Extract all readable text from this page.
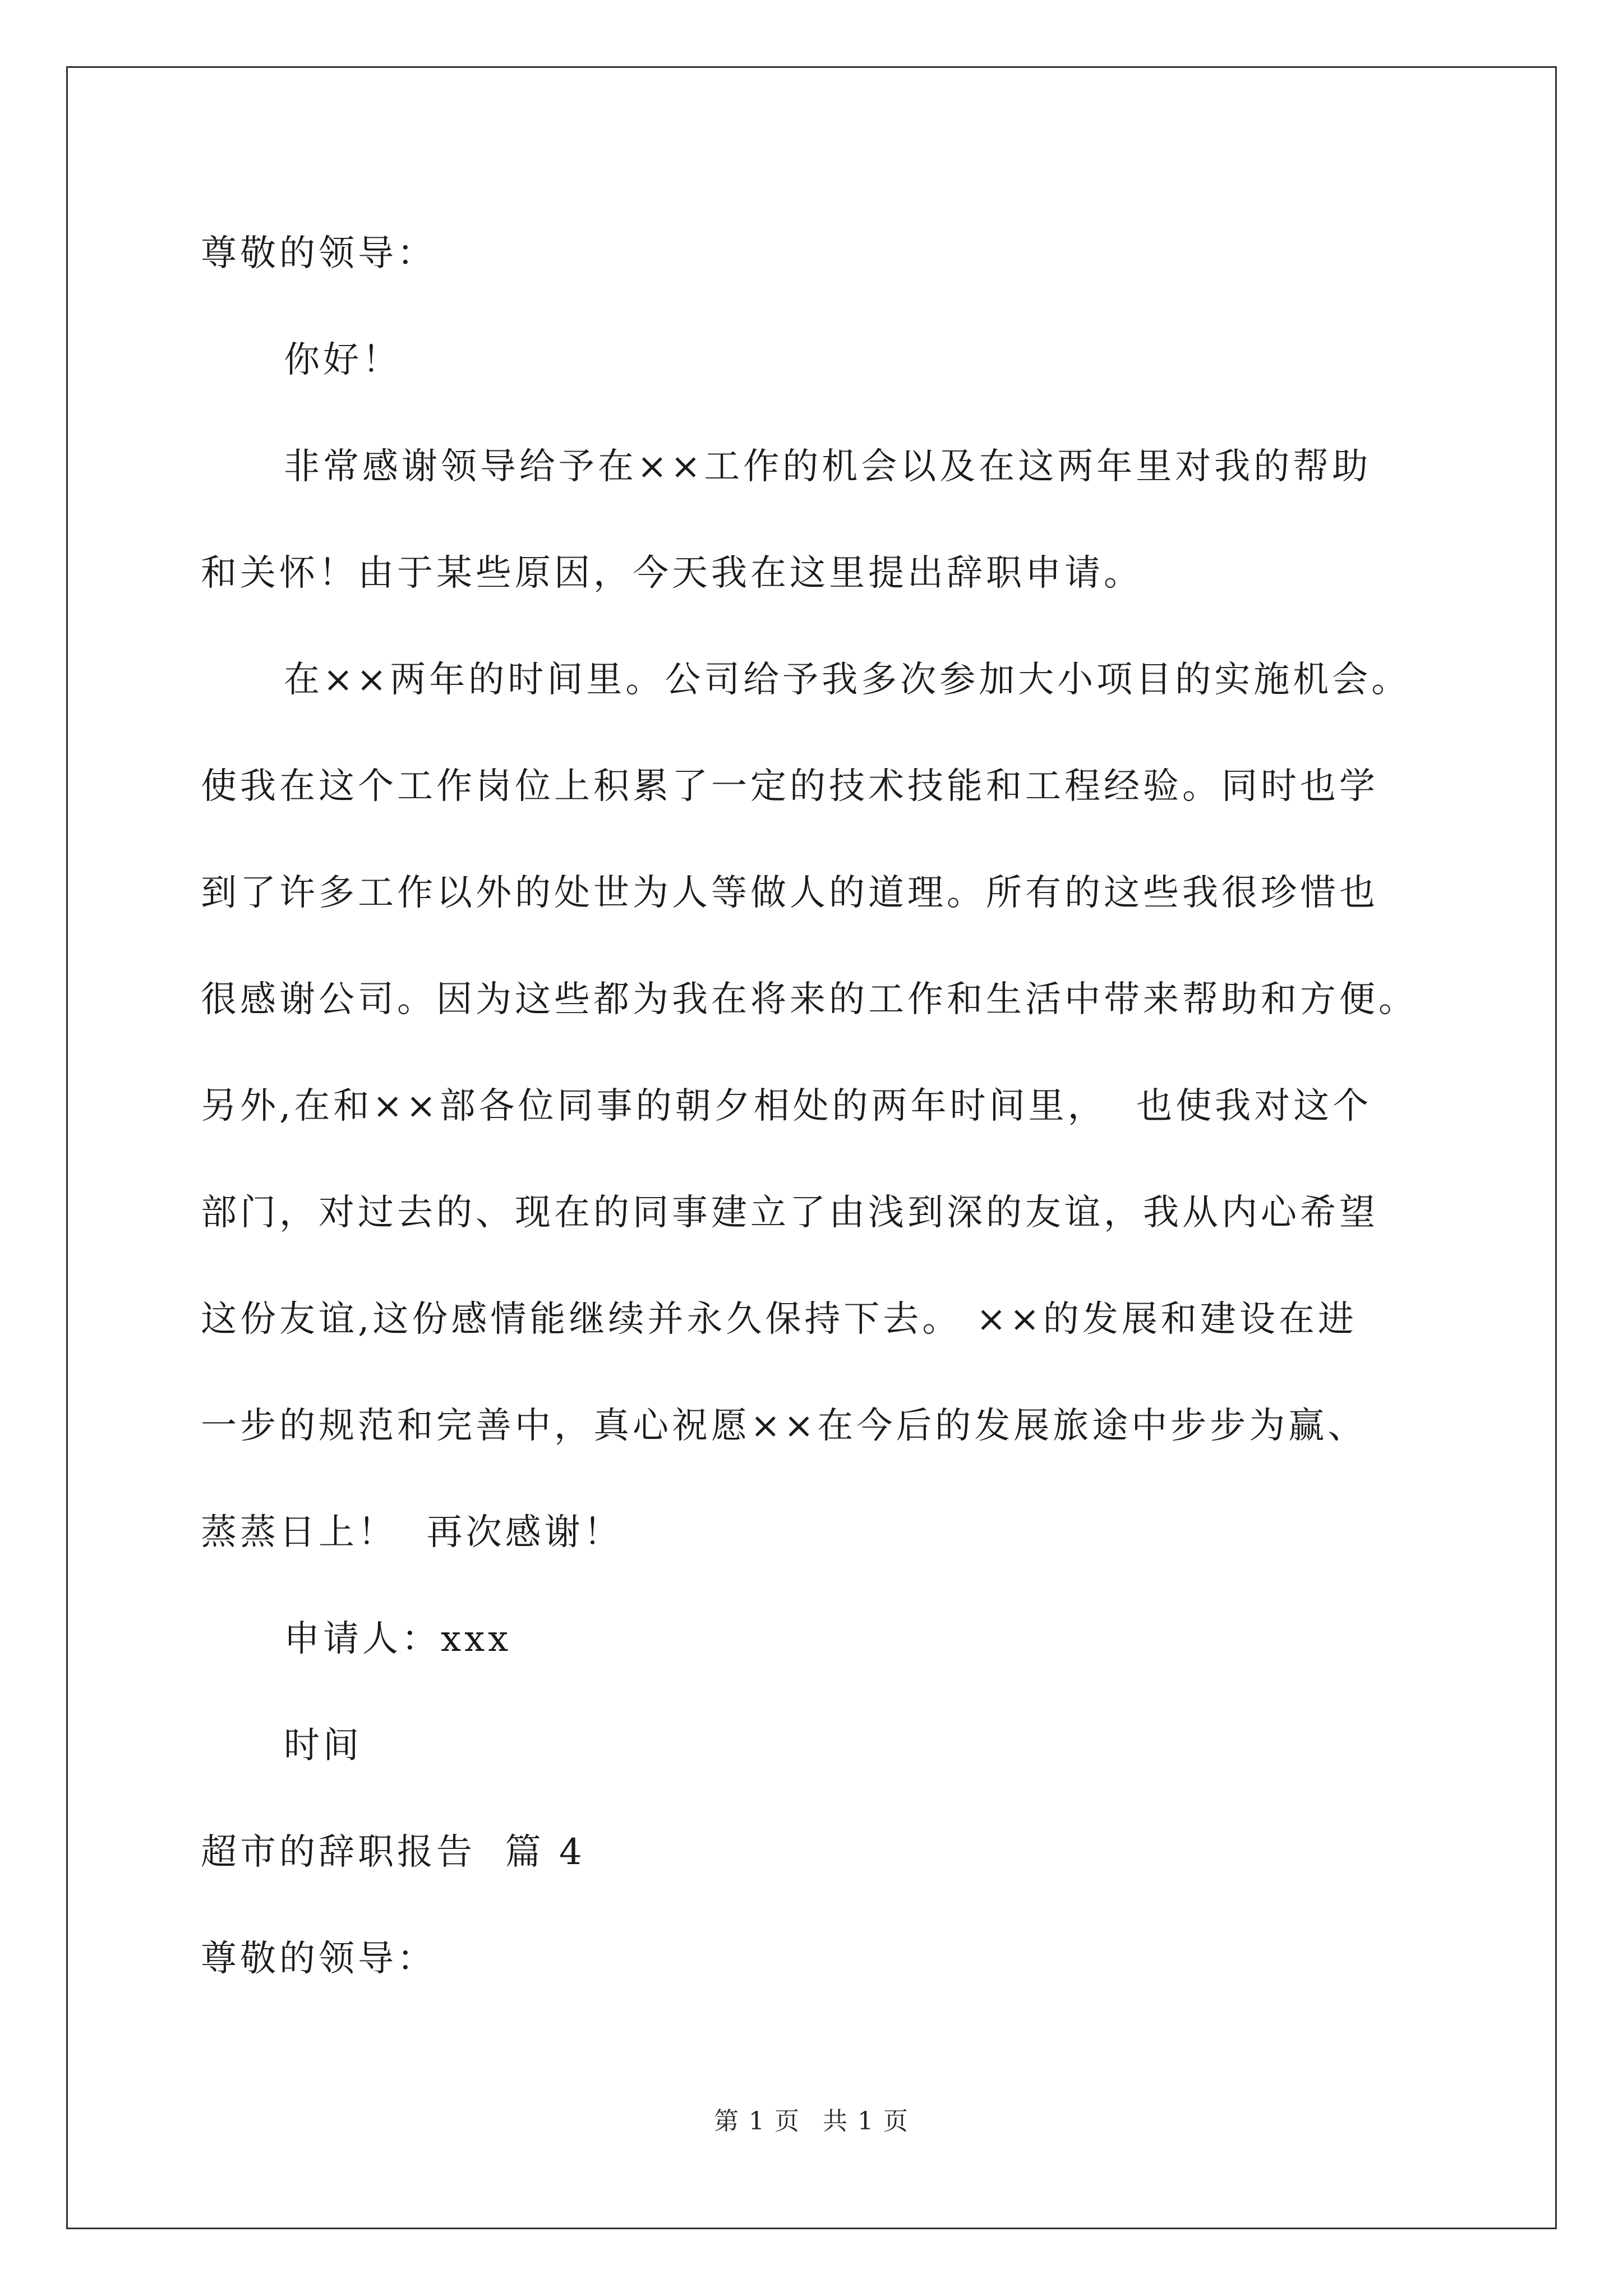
尊敬的领导：
你好！
非常感谢领导给予在××工作的机会以及在这两年里对我的帮助
和关怀！由于某些原因，今天我在这里提出辞职申请。
在××两年的时间里。公司给予我多次参加大小项目的实施机会。
使我在这个工作岗位上积累了一定的技术技能和工程经验。同时也学
到了许多工作以外的处世为人等做人的道理。所有的这些我很珍惜也
很感谢公司。因为这些都为我在将来的工作和生活中带来帮助和方便。
另外,在和××部各位同事的朝夕相处的两年时间里，  也使我对这个
部门，对过去的、现在的同事建立了由浅到深的友谊，我从内心希望
这份友谊,这份感情能继续并永久保持下去。 ××的发展和建设在进
一步的规范和完善中，真心祝愿××在今后的发展旅途中步步为赢、
蒸蒸日上！  再次感谢！
申请人：xxx
时间
超市的辞职报告  篇 4
尊敬的领导：
第 1 页 共 1 页
